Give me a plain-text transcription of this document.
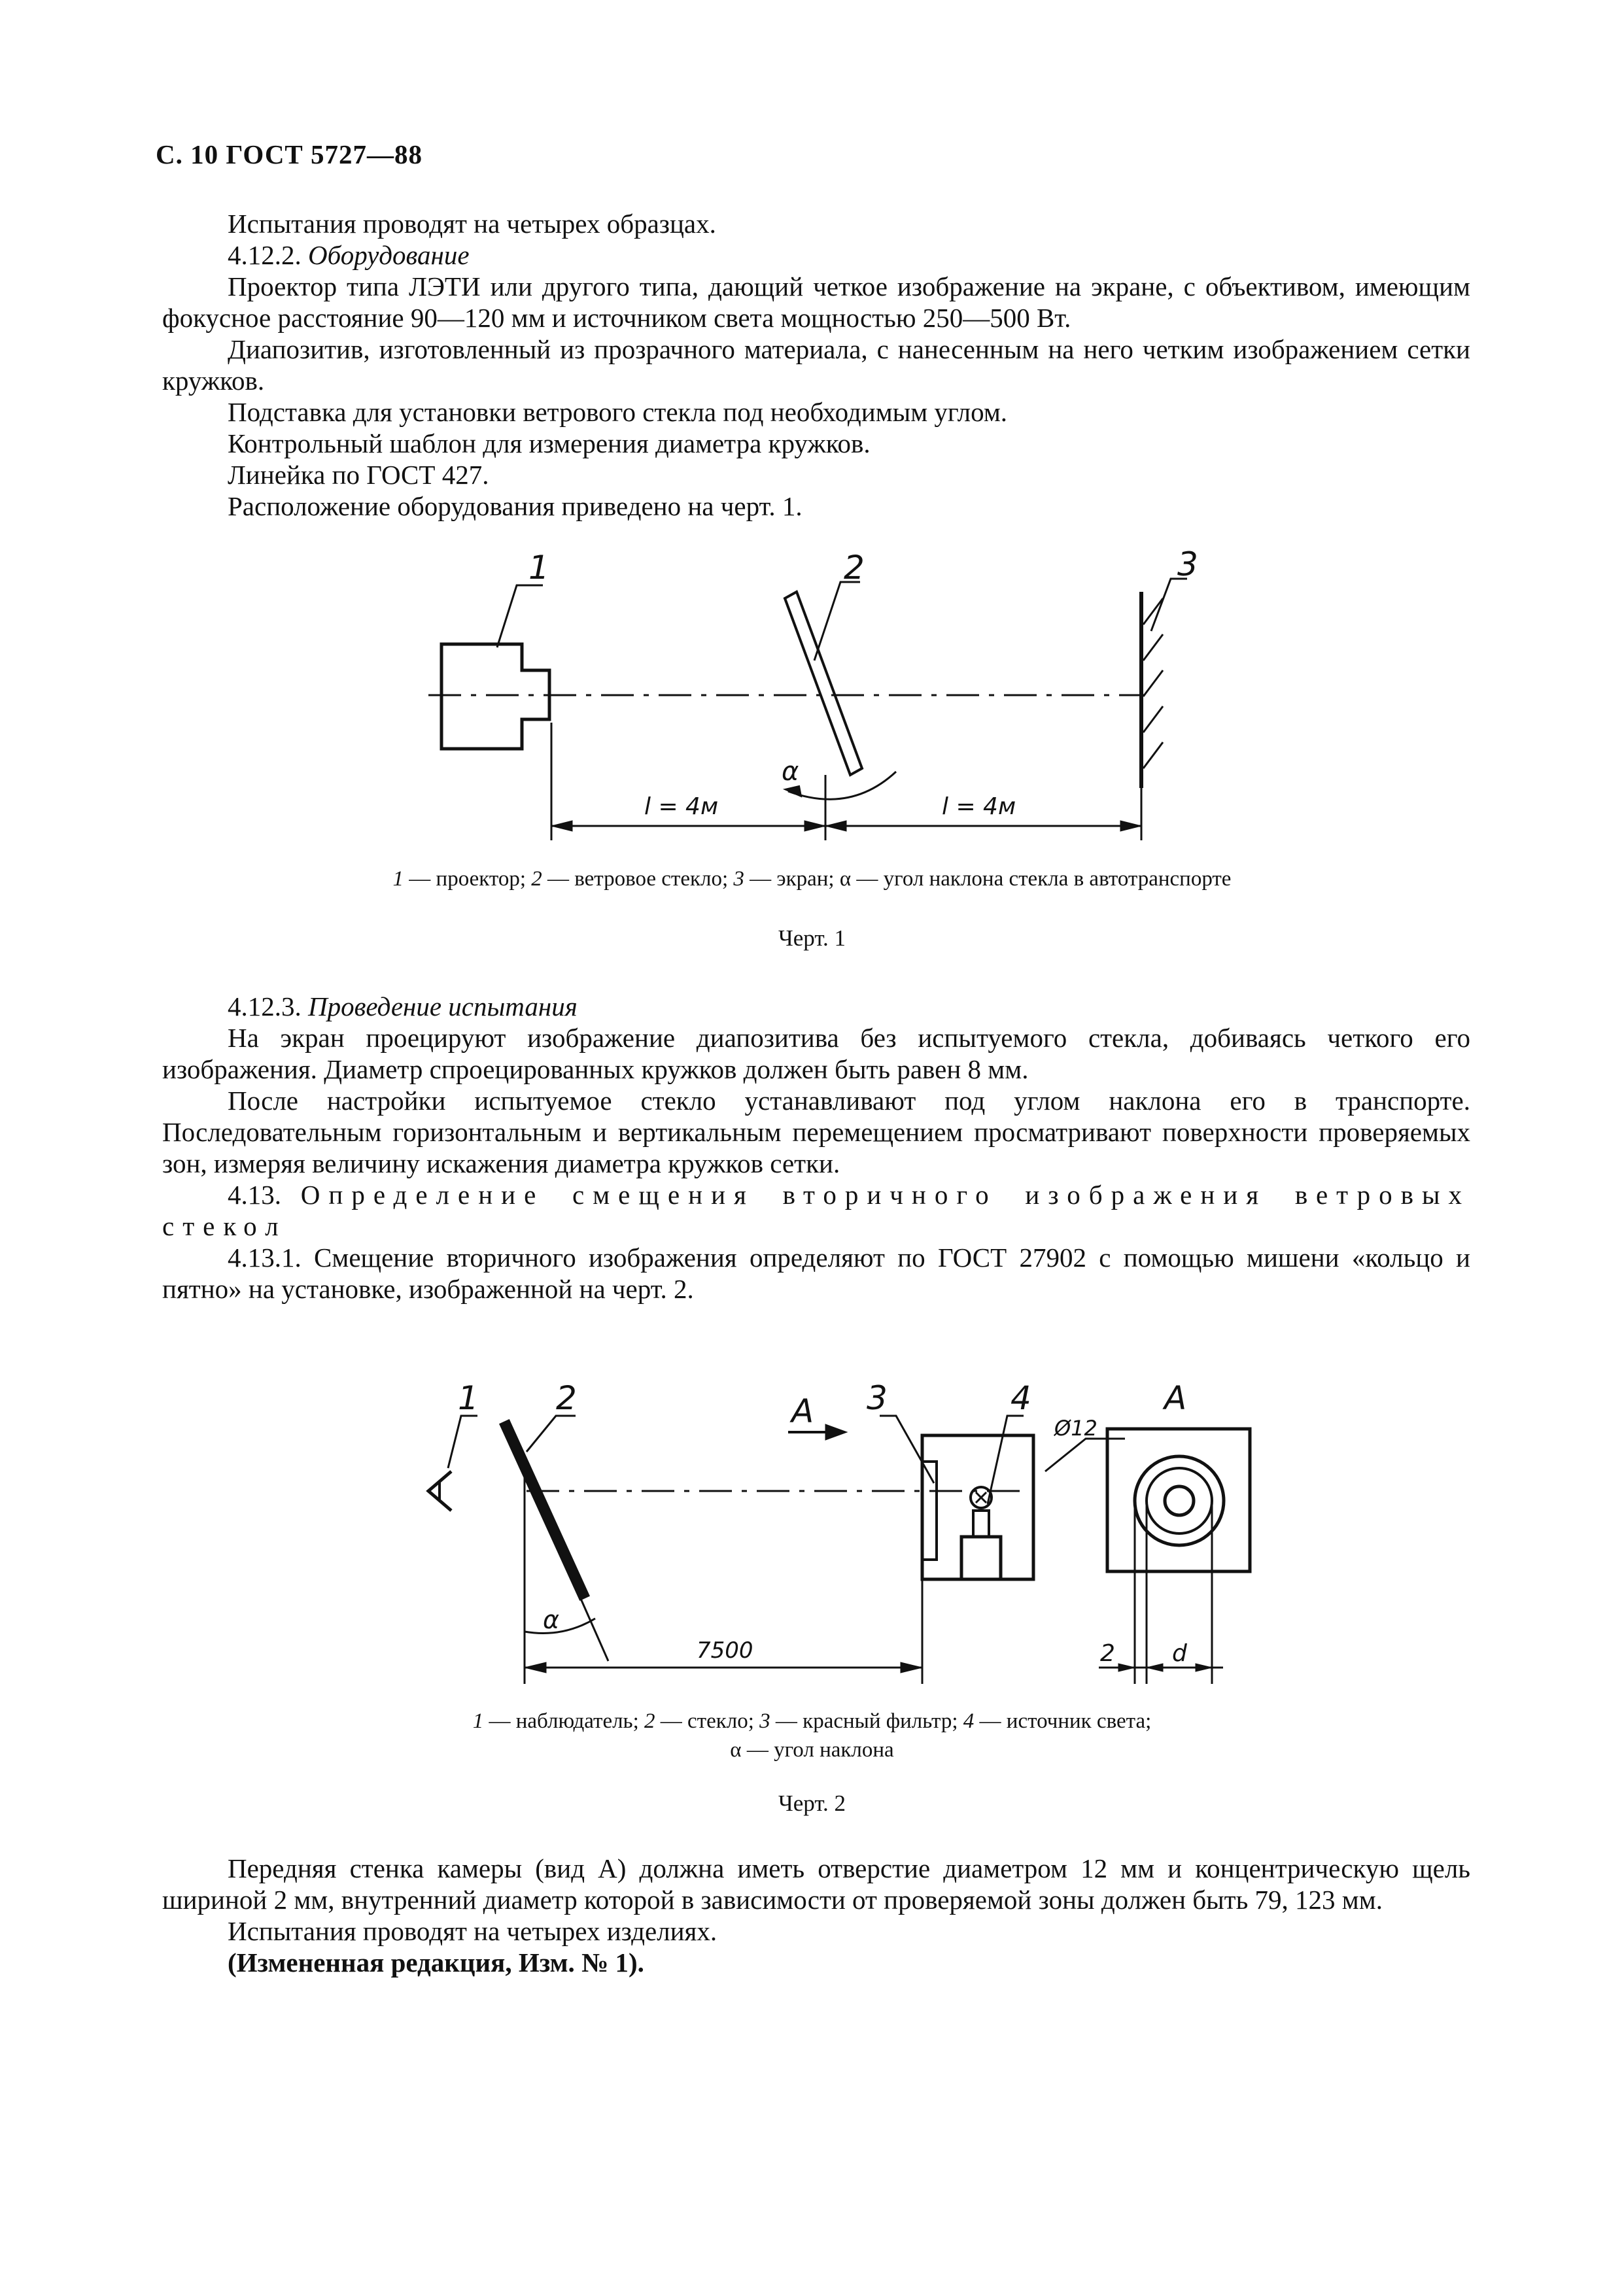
С. 10 ГОСТ 5727—88

Испытания проводят на четырех образцах.

4.12.2. Оборудование

Проектор типа ЛЭТИ или другого типа, дающий четкое изображение на экране, с объективом, имеющим фокусное расстояние 90—120 мм и источником света мощностью 250—500 Вт.

Диапозитив, изготовленный из прозрачного материала, с нанесенным на него четким изображением сетки кружков.

Подставка для установки ветрового стекла под необходимым углом.

Контрольный шаблон для измерения диаметра кружков.

Линейка по ГОСТ 427.

Расположение оборудования приведено на черт. 1.

1	2	3
α
l = 4м	l = 4м
1 — проектор; 2 — ветровое стекло; 3 — экран; α — угол наклона стекла в автотранспорте
Черт. 1

4.12.3. Проведение испытания

На экран проецируют изображение диапозитива без испытуемого стекла, добиваясь четкого его изображения. Диаметр спроецированных кружков должен быть равен 8 мм.

После настройки испытуемое стекло устанавливают под углом наклона его в транспорте. Последовательным горизонтальным и вертикальным перемещением просматривают поверхности проверяемых зон, измеряя величину искажения диаметра кружков сетки.

4.13. Определение смещения вторичного изображения ветровых стекол

4.13.1. Смещение вторичного изображения определяют по ГОСТ 27902 с помощью мишени «кольцо и пятно» на установке, изображенной на черт. 2.

1 2	3	4
А	А
Ø12
α
7500	2 d
1 — наблюдатель; 2 — стекло; 3 — красный фильтр; 4 — источник света;
α — угол наклона
Черт. 2

Передняя стенка камеры (вид А) должна иметь отверстие диаметром 12 мм и концентрическую щель шириной 2 мм, внутренний диаметр которой в зависимости от проверяемой зоны должен быть 79, 123 мм.

Испытания проводят на четырех изделиях.

(Измененная редакция, Изм. № 1).
